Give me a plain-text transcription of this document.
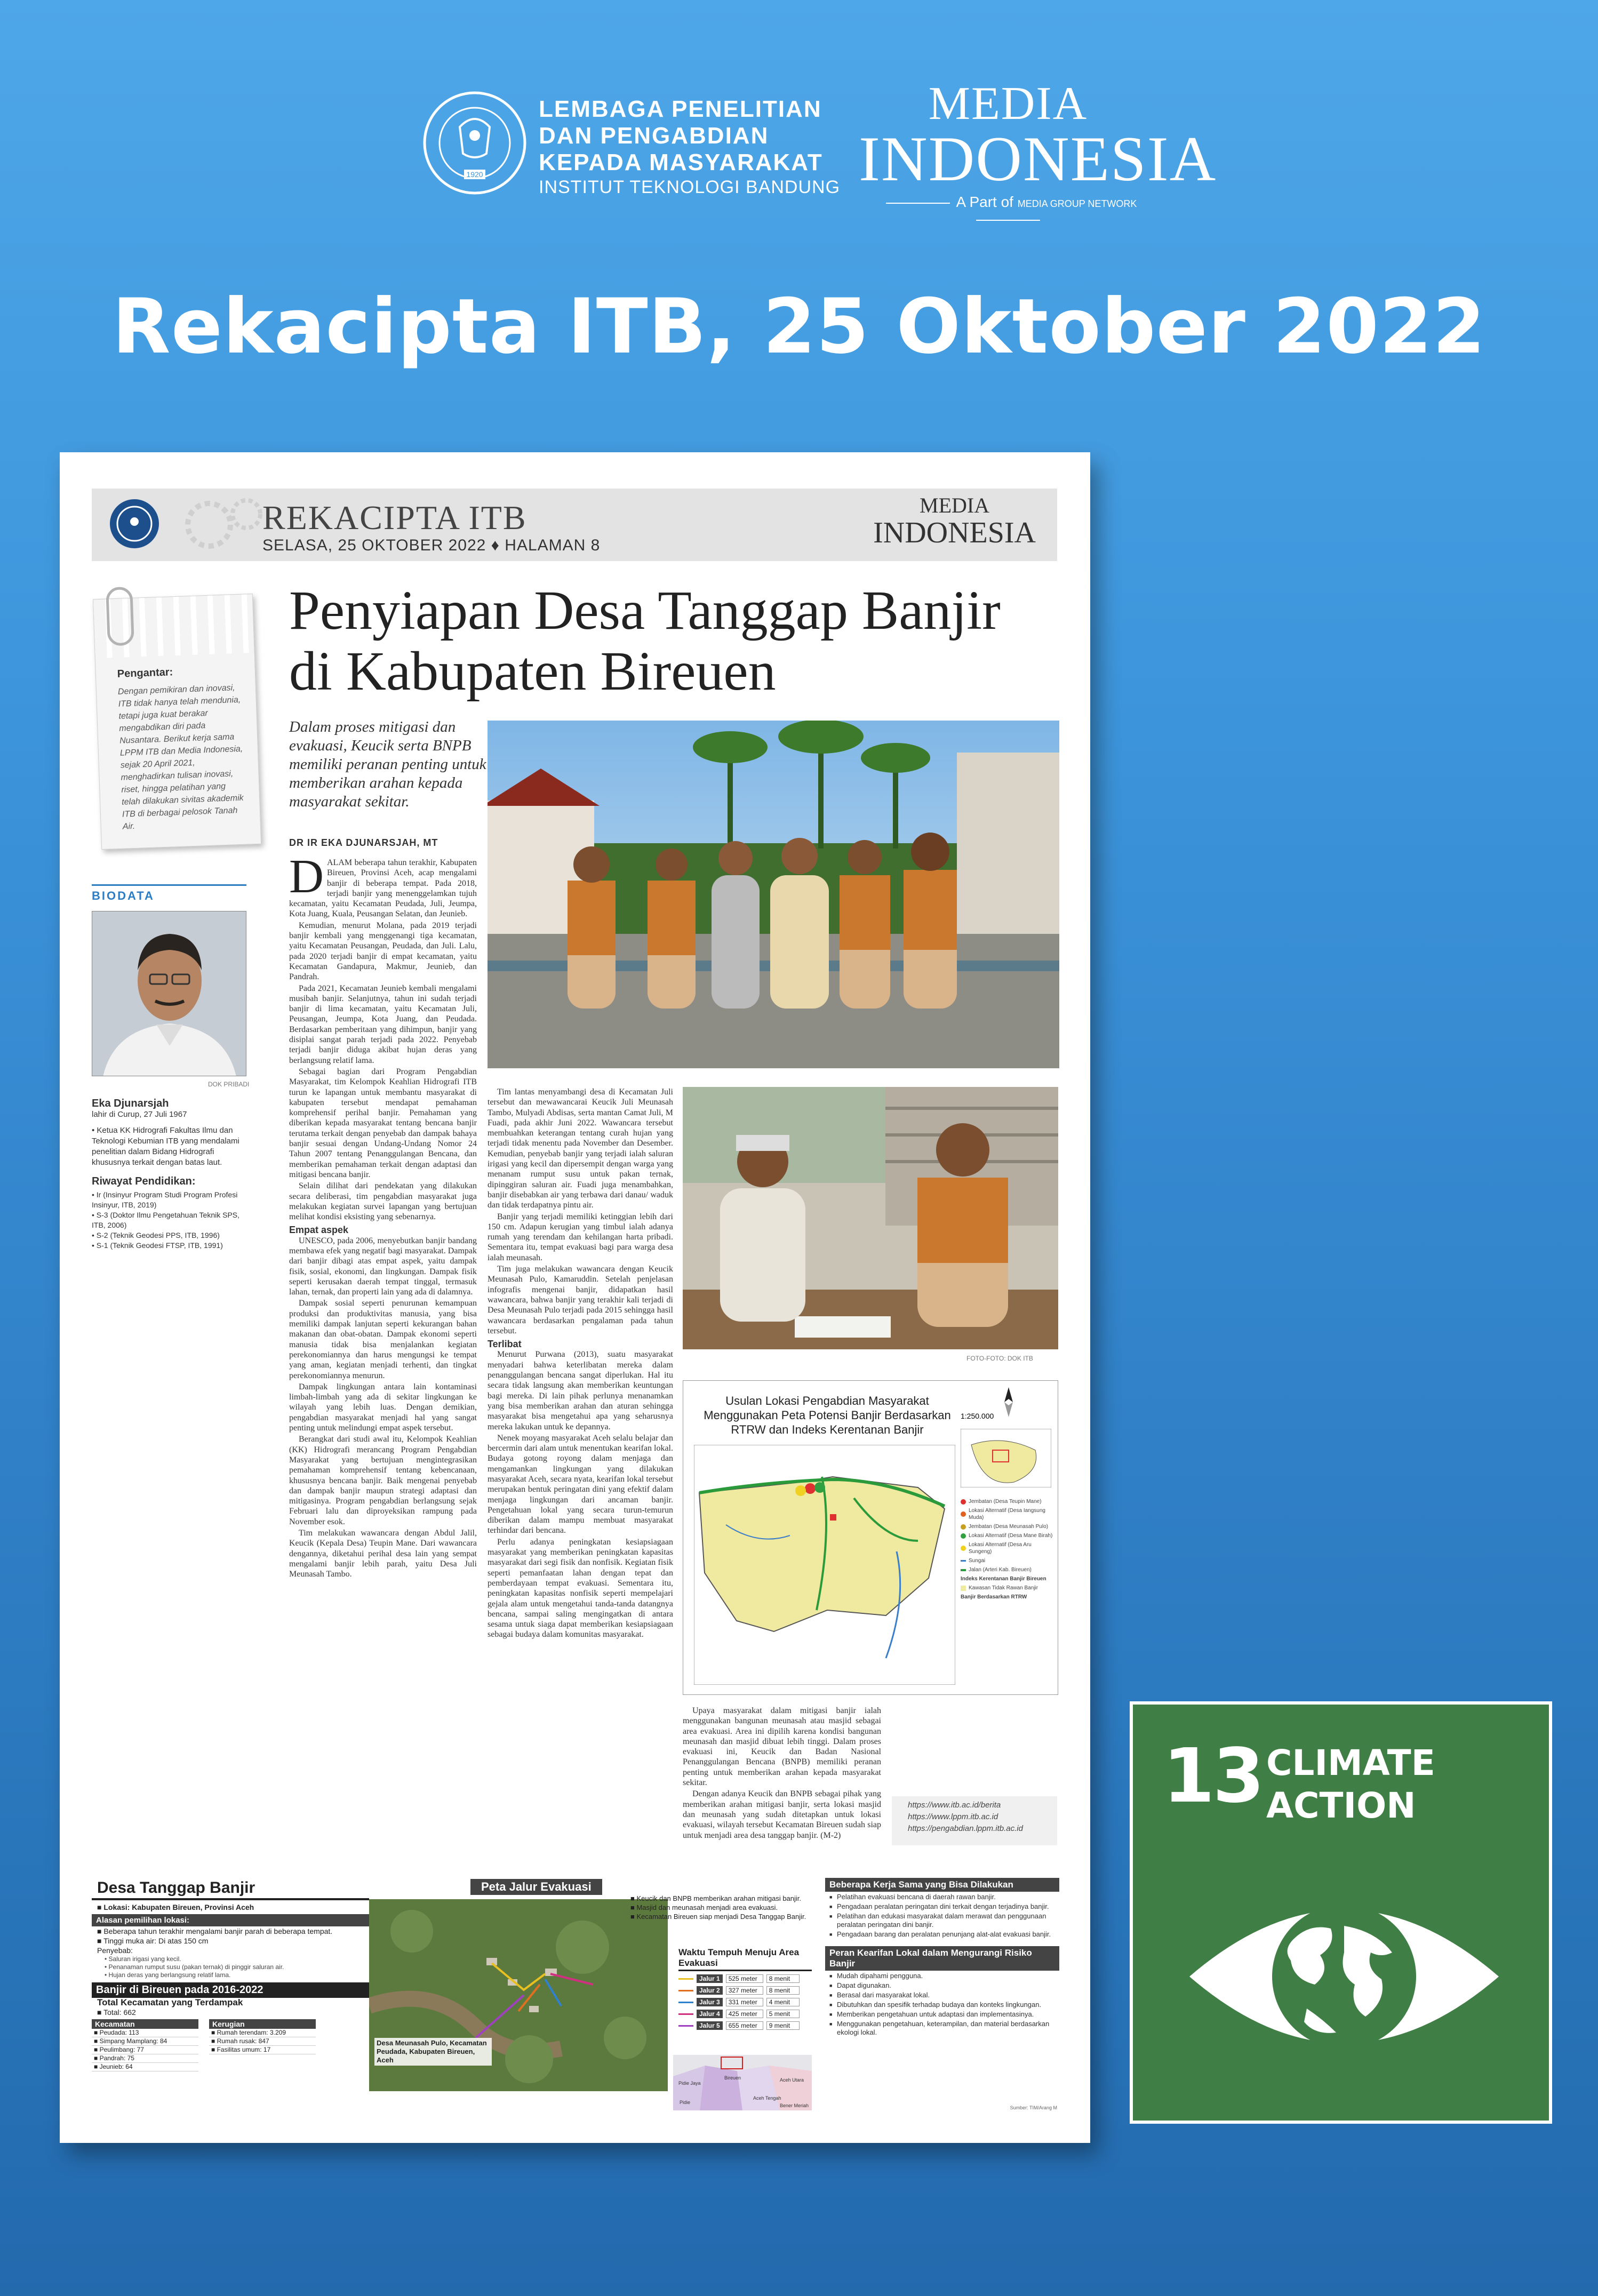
1920
LEMBAGA PENELITIAN
DAN PENGABDIAN
KEPADA MASYARAKAT
INSTITUT TEKNOLOGI BANDUNG
MEDIA
INDONESIA
A Part of MEDIA GROUP NETWORK
Rekacipta ITB, 25 Oktober 2022
REKACIPTA ITB
SELASA, 25 OKTOBER 2022 ♦ HALAMAN 8
MEDIA
INDONESIA
Pengantar:
Dengan pemikiran dan inovasi, ITB tidak hanya telah mendunia, tetapi juga kuat berakar mengabdikan diri pada Nusantara. Berikut kerja sama LPPM ITB dan Media Indonesia, sejak 20 April 2021, menghadirkan tulisan inovasi, riset, hingga pelatihan yang telah dilakukan sivitas akademik ITB di berbagai pelosok Tanah Air.
BIODATA
DOK PRIBADI
Eka Djunarsjah
lahir di Curup, 27 Juli 1967
• Ketua KK Hidrografi Fakultas Ilmu dan Teknologi Kebumian ITB yang mendalami penelitian dalam Bidang Hidrografi khususnya terkait dengan batas laut.
Riwayat Pendidikan:
• Ir (Insinyur Program Studi Program Profesi Insinyur, ITB, 2019)
• S-3 (Doktor Ilmu Pengetahuan Teknik SPS, ITB, 2006)
• S-2 (Teknik Geodesi PPS, ITB, 1996)
• S-1 (Teknik Geodesi FTSP, ITB, 1991)
Penyiapan Desa Tanggap Banjir
di Kabupaten Bireuen
Dalam proses mitigasi dan evakuasi, Keucik serta BNPB memiliki peranan penting untuk memberikan arahan kepada masyarakat sekitar.
DR IR EKA DJUNARSJAH, MT
D ALAM beberapa tahun terakhir, Kabupaten Bireuen, Provinsi Aceh, acap mengalami banjir di beberapa tempat. Pada 2018, terjadi banjir yang menenggelamkan tujuh kecamatan, yaitu Kecamatan Peudada, Juli, Jeumpa, Kota Juang, Kuala, Peusangan Selatan, dan Jeunieb.

Kemudian, menurut Molana, pada 2019 terjadi banjir kembali yang menggenangi tiga kecamatan, yaitu Kecamatan Peusangan, Peudada, dan Juli. Lalu, pada 2020 terjadi banjir di empat kecamatan, yaitu Kecamatan Gandapura, Makmur, Jeunieb, dan Pandrah.

Pada 2021, Kecamatan Jeunieb kembali mengalami musibah banjir. Selanjutnya, tahun ini sudah terjadi banjir di lima kecamatan, yaitu Kecamatan Juli, Peusangan, Jeumpa, Kota Juang, dan Peudada. Berdasarkan pemberitaan yang dihimpun, banjir yang disiplai sangat parah terjadi pada 2022. Penyebab terjadi banjir diduga akibat hujan deras yang berlangsung relatif lama.

Sebagai bagian dari Program Pengabdian Masyarakat, tim Kelompok Keahlian Hidrografi ITB turun ke lapangan untuk membantu masyarakat di kabupaten tersebut mendapat pemahaman komprehensif perihal banjir. Pemahaman yang diberikan kepada masyarakat tentang bencana banjir terutama terkait dengan penyebab dan dampak bahaya banjir sesuai dengan Undang-Undang Nomor 24 Tahun 2007 tentang Penanggulangan Bencana, dan memberikan pemahaman terkait dengan adaptasi dan mitigasi bencana banjir.

Selain dilihat dari pendekatan yang dilakukan secara deliberasi, tim pengabdian masyarakat juga melakukan kegiatan survei lapangan yang bertujuan melihat kondisi eksisting yang sebenarnya.

Empat aspek

UNESCO, pada 2006, menyebutkan banjir bandang membawa efek yang negatif bagi masyarakat. Dampak dari banjir dibagi atas empat aspek, yaitu dampak fisik, sosial, ekonomi, dan lingkungan. Dampak fisik seperti kerusakan daerah tempat tinggal, termasuk lahan, ternak, dan properti lain yang ada di dalamnya.

Dampak sosial seperti penurunan kemampuan produksi dan produktivitas manusia, yang bisa memiliki dampak lanjutan seperti kekurangan bahan makanan dan obat-obatan. Dampak ekonomi seperti manusia tidak bisa menjalankan kegiatan perekonomiannya dan harus mengungsi ke tempat yang aman, kegiatan menjadi terhenti, dan tingkat perekonomiannya menurun.

Dampak lingkungan antara lain kontaminasi limbah-limbah yang ada di sekitar lingkungan ke wilayah yang lebih luas. Dengan demikian, pengabdian masyarakat menjadi hal yang sangat penting untuk melindungi empat aspek tersebut.

Berangkat dari studi awal itu, Kelompok Keahlian (KK) Hidrografi merancang Program Pengabdian Masyarakat yang bertujuan mengintegrasikan pemahaman komprehensif tentang kebencanaan, khususnya bencana banjir. Baik mengenai penyebab dan dampak banjir maupun strategi adaptasi dan mitigasinya. Program pengabdian berlangsung sejak Februari lalu dan diproyeksikan rampung pada November esok.

Tim melakukan wawancara dengan Abdul Jalil, Keucik (Kepala Desa) Teupin Mane. Dari wawancara dengannya, diketahui perihal desa lain yang sempat mengalami banjir lebih parah, yaitu Desa Juli Meunasah Tambo.

Tim lantas menyambangi desa di Kecamatan Juli tersebut dan mewawancarai Keucik Juli Meunasah Tambo, Mulyadi Abdisas, serta mantan Camat Juli, M Fuadi, pada akhir Juni 2022. Wawancara tersebut membuahkan keterangan tentang curah hujan yang terjadi tidak menentu pada November dan Desember. Kemudian, penyebab banjir yang terjadi ialah saluran irigasi yang kecil dan dipersempit dengan warga yang menanam rumput susu untuk pakan ternak, dipinggiran saluran air. Fuadi juga menambahkan, banjir disebabkan air yang terbawa dari danau/ waduk dan tidak terdapatnya pintu air.

Banjir yang terjadi memiliki ketinggian lebih dari 150 cm. Adapun kerugian yang timbul ialah adanya rumah yang terendam dan kehilangan harta pribadi. Sementara itu, tempat evakuasi bagi para warga desa ialah meunasah.

Tim juga melakukan wawancara dengan Keucik Meunasah Pulo, Kamaruddin. Setelah penjelasan infografis mengenai banjir, didapatkan hasil wawancara, bahwa banjir yang terakhir kali terjadi di Desa Meunasah Pulo terjadi pada 2015 sehingga hasil wawancara berdasarkan pengalaman pada tahun tersebut.

Terlibat

Menurut Purwana (2013), suatu masyarakat menyadari bahwa keterlibatan mereka dalam penanggulangan bencana sangat diperlukan. Hal itu secara tidak langsung akan memberikan keuntungan bagi mereka. Di lain pihak perlunya menanamkan yang bisa memberikan arahan dan aturan sehingga masyarakat bisa mengetahui apa yang seharusnya mereka lakukan untuk ke depannya.

Nenek moyang masyarakat Aceh selalu belajar dan bercermin dari alam untuk menentukan kearifan lokal. Budaya gotong royong dalam menjaga dan mengamankan lingkungan yang dilakukan masyarakat Aceh, secara nyata, kearifan lokal tersebut merupakan bentuk peringatan dini yang efektif dalam menjaga lingkungan dari ancaman banjir. Pengetahuan lokal yang secara turun-temurun diberikan dalam mampu membuat masyarakat terhindar dari bencana.

Perlu adanya peningkatan kesiapsiagaan masyarakat yang memberikan peningkatan kapasitas masyarakat dari segi fisik dan nonfisik. Kegiatan fisik seperti pemanfaatan lahan dengan tepat dan pemberdayaan tempat evakuasi. Sementara itu, peningkatan kapasitas nonfisik seperti mempelajari gejala alam untuk mengetahui tanda-tanda datangnya bencana, sampai saling mengingatkan di antara sesama untuk siaga dapat memberikan kesiapsiagaan sebagai budaya dalam komunitas masyarakat.

FOTO-FOTO: DOK ITB
Usulan Lokasi Pengabdian Masyarakat Menggunakan Peta Potensi Banjir Berdasarkan RTRW dan Indeks Kerentanan Banjir
1:250.000
Jembatan (Desa Teupin Mane)
Lokasi Alternatif (Desa Iangsung Muda)
Jembatan (Desa Meunasah Pulo)
Lokasi Alternatif (Desa Mane Birah)
Lokasi Alternatif (Desa Aru Sungeng)
Sungai
Jalan (Arteri Kab. Bireuen)
Indeks Kerentanan Banjir Bireuen
Kawasan Tidak Rawan Banjir
Banjir Berdasarkan RTRW

Upaya masyarakat dalam mitigasi banjir ialah menggunakan bangunan meunasah atau masjid sebagai area evakuasi. Area ini dipilih karena kondisi bangunan meunasah dan masjid dibuat lebih tinggi. Dalam proses evakuasi ini, Keucik dan Badan Nasional Penanggulangan Bencana (BNPB) memiliki peranan penting untuk memberikan arahan kepada masyarakat sekitar.

Dengan adanya Keucik dan BNPB sebagai pihak yang memberikan arahan mitigasi banjir, serta lokasi masjid dan meunasah yang sudah ditetapkan untuk lokasi evakuasi, wilayah tersebut Kecamatan Bireuen sudah siap untuk menjadi area desa tanggap banjir. (M-2)

https://www.itb.ac.id/berita
https://www.lppm.itb.ac.id
https://pengabdian.lppm.itb.ac.id
Desa Tanggap Banjir
■ Lokasi: Kabupaten Bireuen, Provinsi Aceh
Alasan pemilihan lokasi:
■ Beberapa tahun terakhir mengalami banjir parah di beberapa tempat.
■ Tinggi muka air: Di atas 150 cm
Penyebab:
• Saluran irigasi yang kecil.
• Penanaman rumput susu (pakan ternak) di pinggir saluran air.
• Hujan deras yang berlangsung relatif lama.
Banjir di Bireuen pada 2016-2022
Total Kecamatan yang Terdampak
■ Total: 662
Kecamatan
■ Peudada: 113
■ Simpang Mamplang: 84
■ Peulimbang: 77
■ Pandrah: 75
■ Jeunieb: 64
Kerugian
■ Rumah terendam: 3.209
■ Rumah rusak: 847
■ Fasilitas umum: 17
Desa Meunasah Pulo, Kecamatan Peudada, Kabupaten Bireuen, Aceh
Peta Jalur Evakuasi
■ Keucik dan BNPB memberikan arahan mitigasi banjir.
■ Masjid dan meunasah menjadi area evakuasi.
■ Kecamatan Bireuen siap menjadi Desa Tanggap Banjir.
Waktu Tempuh Menuju Area Evakuasi
Jalur 1	525 meter	8 menit
Jalur 2	327 meter	8 menit
Jalur 3	331 meter	4 menit
Jalur 4	425 meter	5 menit
Jalur 5	655 meter	9 menit
Pidie Jaya
Bireuen	Aceh Utara
Aceh Tengah
Bener Meriah
Pidie
Beberapa Kerja Sama yang Bisa Dilakukan
■ Pelatihan evakuasi bencana di daerah rawan banjir.
■ Pengadaan peralatan peringatan dini terkait dengan terjadinya banjir.
■ Pelatihan dan edukasi masyarakat dalam merawat dan penggunaan peralatan peringatan dini banjir.
■ Pengadaan barang dan peralatan penunjang alat-alat evakuasi banjir.
Peran Kearifan Lokal dalam Mengurangi Risiko Banjir
■ Mudah dipahami pengguna.
■ Dapat digunakan.
■ Berasal dari masyarakat lokal.
■ Dibutuhkan dan spesifik terhadap budaya dan konteks lingkungan.
■ Memberikan pengetahuan untuk adaptasi dan implementasinya.
■ Menggunakan pengetahuan, keterampilan, dan material berdasarkan ekologi lokal.
Sumber: TIM/Arang M
13 CLIMATE
ACTION
